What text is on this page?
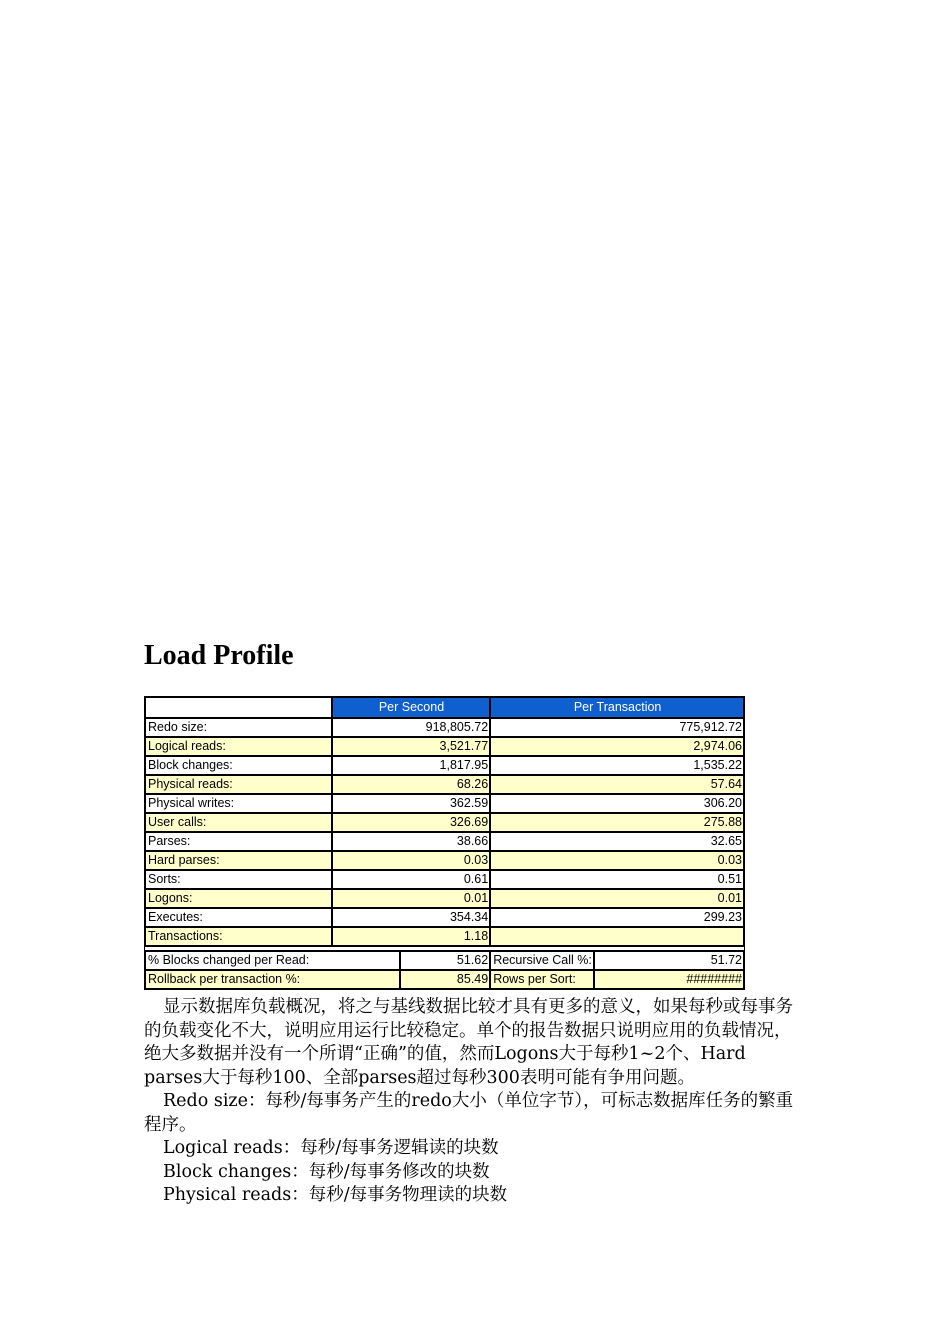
Load Profile
	Per Second		Per Transaction	
Redo size:	918,805.72		775,912.72	
Logical reads:	3,521.77		2,974.06	
Block changes:	1,817.95		1,535.22	
Physical reads:	68.26		57.64	
Physical writes:	362.59		306.20	
User calls:	326.69		275.88	
Parses:	38.66		32.65	
Hard parses:	0.03		0.03	
Sorts:	0.61		0.51	
Logons:	0.01		0.01	
Executes:	354.34		299.23	
Transactions:	1.18			

% Blocks changed per Read:		51.62	Recursive Call %:	51.72
Rollback per transaction %:		85.49	Rows per Sort:	########

显示数据库负载概况，将之与基线数据比较才具有更多的意义，如果每秒或每事务的负载变化不大，说明应用运行比较稳定。单个的报告数据只说明应用的负载情况，绝大多数据并没有一个所谓“正确”的值，然而Logons大于每秒1~2个、Hard parses大于每秒100、全部parses超过每秒300表明可能有争用问题。

Redo size：每秒/每事务产生的redo大小（单位字节），可标志数据库任务的繁重程序。

Logical reads：每秒/每事务逻辑读的块数

Block changes：每秒/每事务修改的块数

Physical reads：每秒/每事务物理读的块数
